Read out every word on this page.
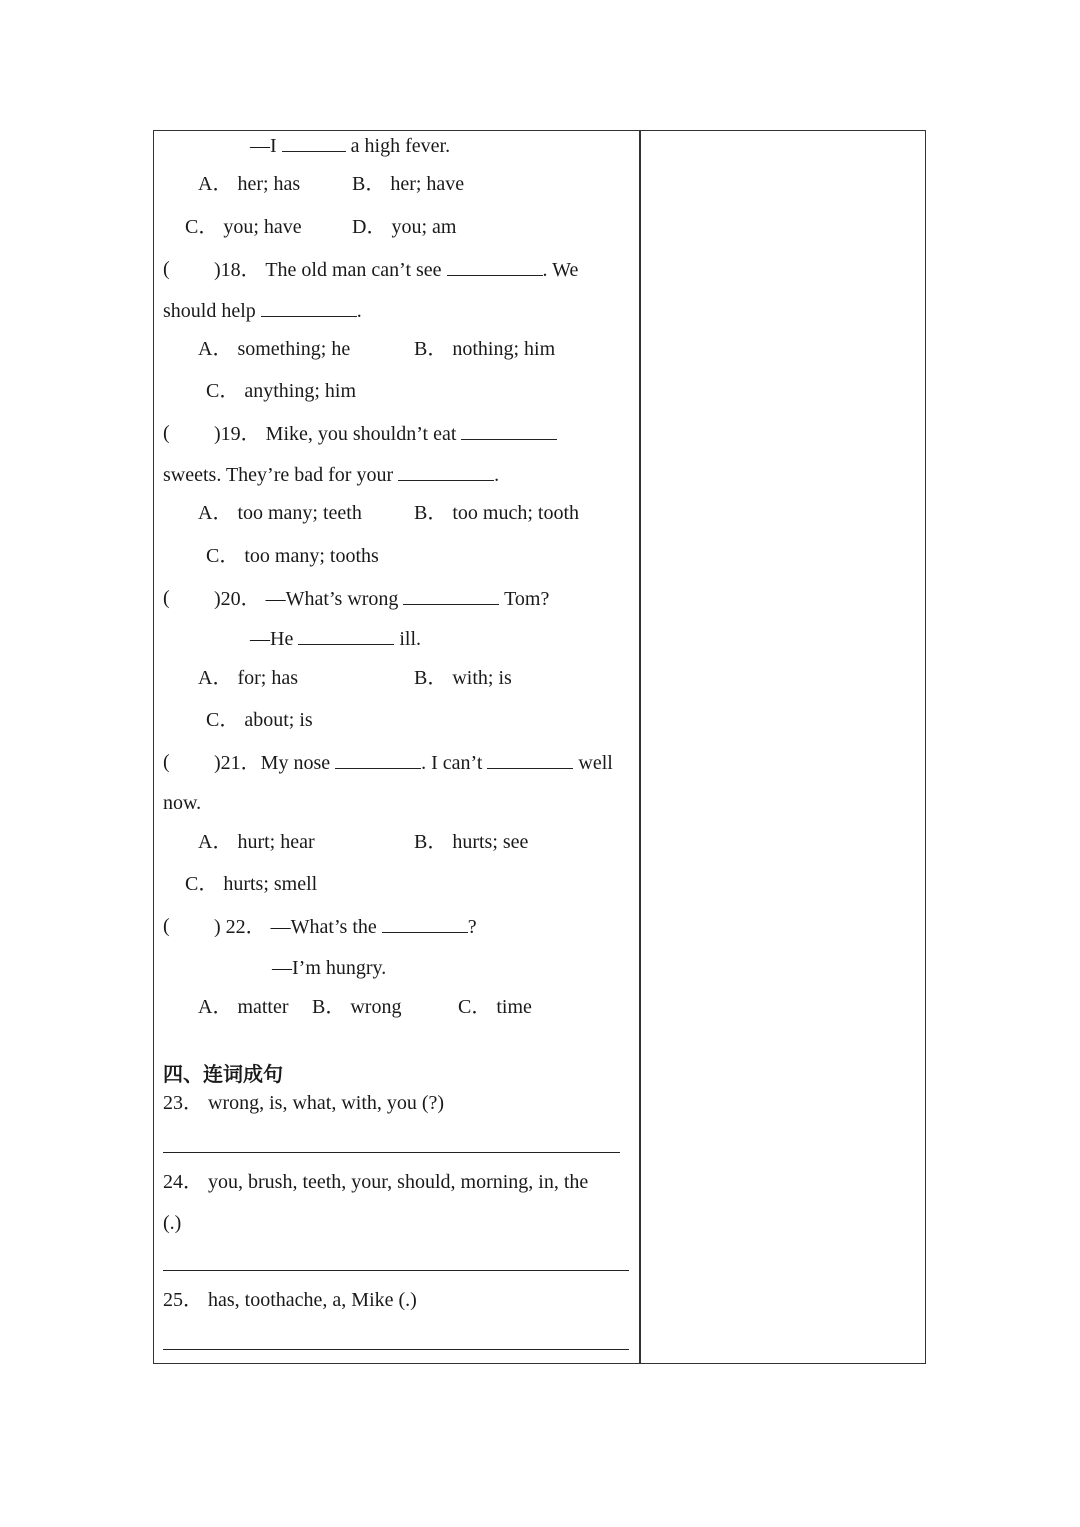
—I	a high fever.
A． her; has	B． her; have
C． you; have	D． you; am
( )18． The old man can’t see	. We
should help	.
A． something; he	B． nothing; him
C． anything; him
( )19． Mike, you shouldn’t eat
sweets. They’re bad for your	.
A． too many; teeth	B． too much; tooth
C． too many; tooths
( )20． —What’s wrong	Tom?
—He	ill.
A． for; has	B． with; is
C． about; is
( )21．My nose	. I can’t	well
now.
A． hurt; hear	B． hurts; see
C． hurts; smell
( ) 22． —What’s the	?
—I’m hungry.
A． matter B． wrong	C． time
四、连词成句
23． wrong, is, what, with, you (?)
24． you, brush, teeth, your, should, morning, in, the
(.)
25． has, toothache, a, Mike (.)
